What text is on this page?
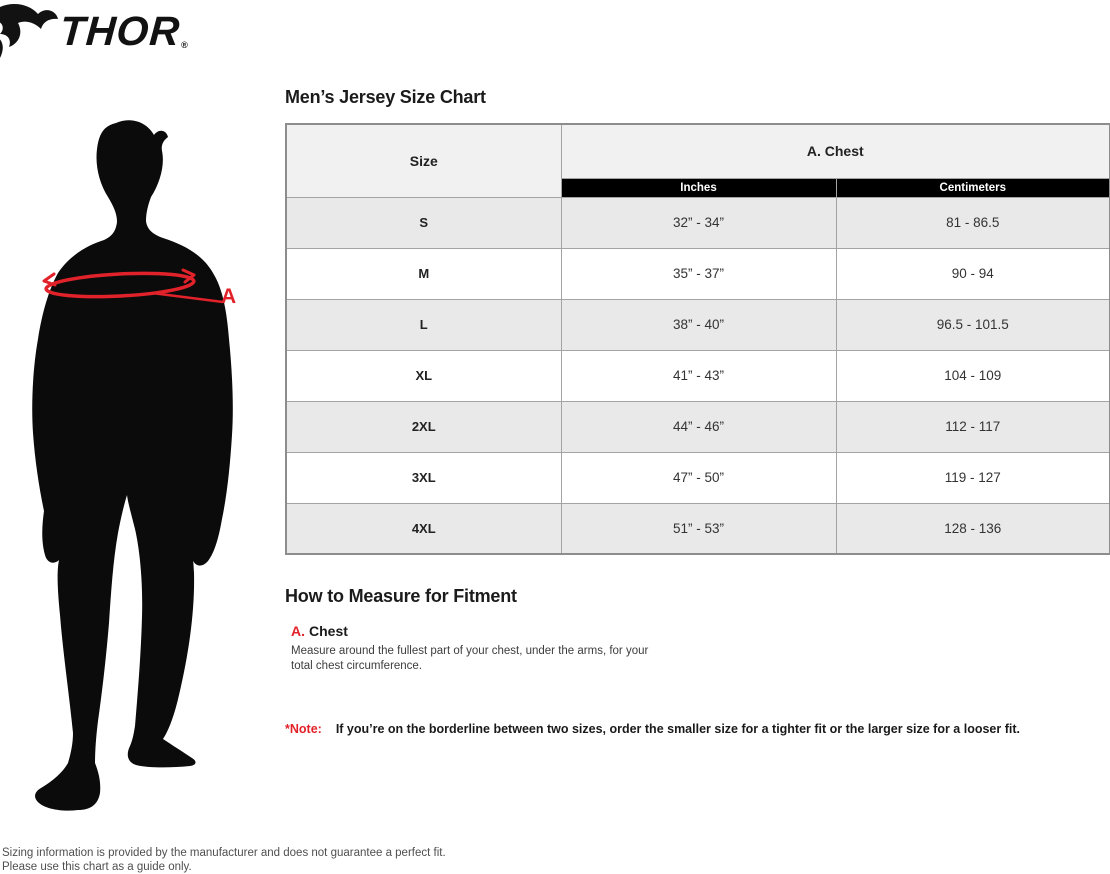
THOR ®
A
Men’s Jersey Size Chart
Size	A. Chest	
	Inches	Centimeters
S	32” - 34”	81 - 86.5
M	35” - 37”	90 - 94
L	38” - 40”	96.5 - 101.5
XL	41” - 43”	104 - 109
2XL	44” - 46”	112 - 117
3XL	47” - 50”	119 - 127
4XL	51” - 53”	128 - 136
How to Measure for Fitment
A. Chest
Measure around the fullest part of your chest, under the arms, for your total chest circumference.
*Note: If you’re on the borderline between two sizes, order the smaller size for a tighter fit or the larger size for a looser fit.
Sizing information is provided by the manufacturer and does not guarantee a perfect fit.
Please use this chart as a guide only.
